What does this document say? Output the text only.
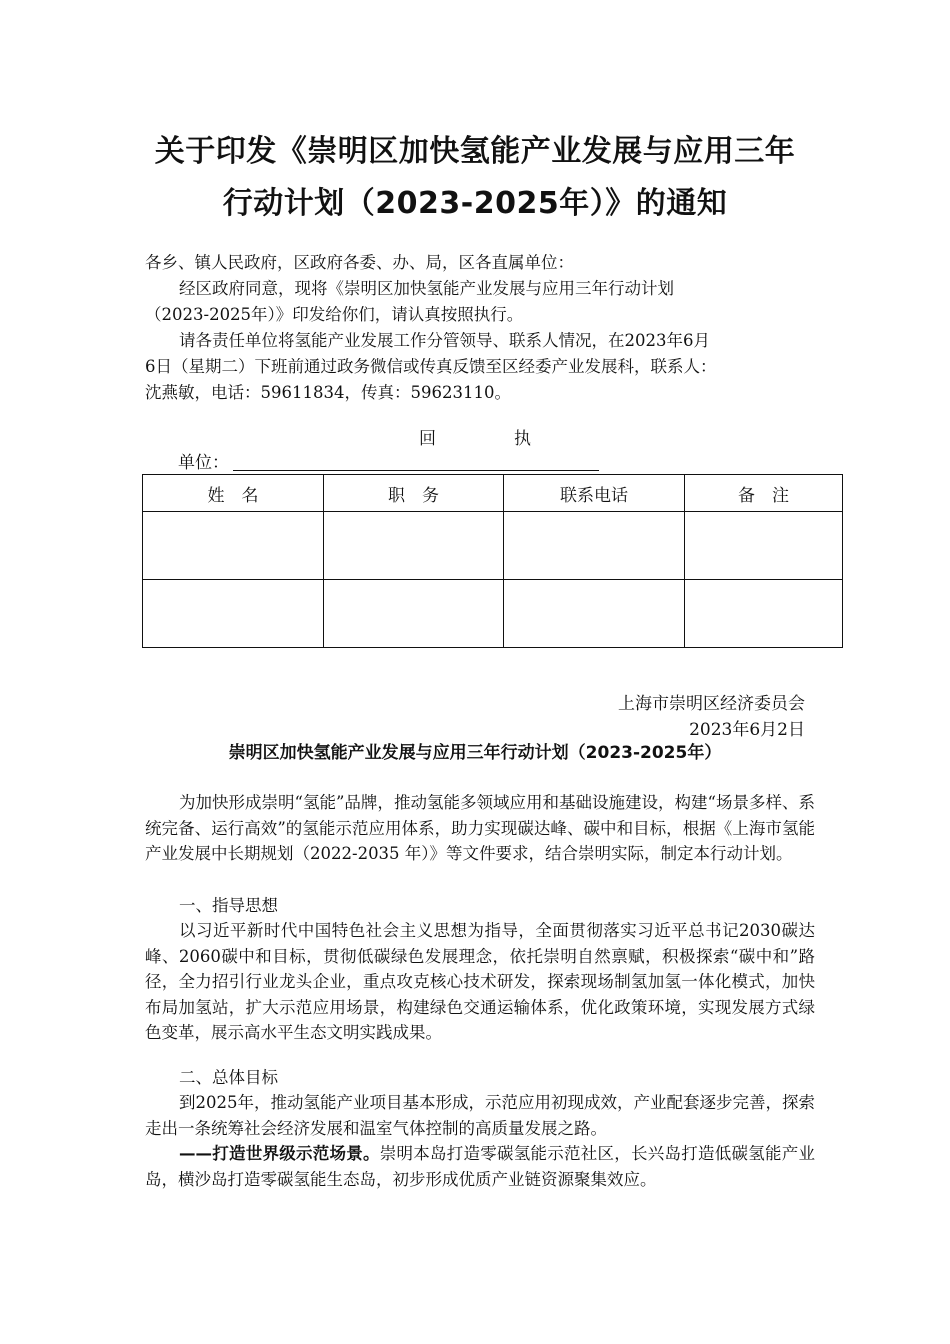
关于印发《崇明区加快氢能产业发展与应用三年
行动计划（2023-2025年）》的通知
各乡、镇人民政府，区政府各委、办、局，区各直属单位：
经区政府同意，现将《崇明区加快氢能产业发展与应用三年行动计划
（2023-2025年）》印发给你们，请认真按照执行。
请各责任单位将氢能产业发展工作分管领导、联系人情况，在2023年6月
6日（星期二）下班前通过政务微信或传真反馈至区经委产业发展科，联系人：
沈燕敏，电话：59611834，传真：59623110。
回执
单位：
姓　名	职　务	联系电话	备　注

上海市崇明区经济委员会
2023年6月2日
崇明区加快氢能产业发展与应用三年行动计划（2023-2025年）
为加快形成崇明“氢能”品牌，推动氢能多领域应用和基础设施建设，构建“场景多样、系统完备、运行高效”的氢能示范应用体系，助力实现碳达峰、碳中和目标，根据《上海市氢能产业发展中长期规划（2022-2035 年）》等文件要求，结合崇明实际，制定本行动计划。
一、指导思想
以习近平新时代中国特色社会主义思想为指导，全面贯彻落实习近平总书记2030碳达峰、2060碳中和目标，贯彻低碳绿色发展理念，依托崇明自然禀赋，积极探索“碳中和”路径，全力招引行业龙头企业，重点攻克核心技术研发，探索现场制氢加氢一体化模式，加快布局加氢站，扩大示范应用场景，构建绿色交通运输体系，优化政策环境，实现发展方式绿色变革，展示高水平生态文明实践成果。
二、总体目标
到2025年，推动氢能产业项目基本形成，示范应用初现成效，产业配套逐步完善，探索走出一条统筹社会经济发展和温室气体控制的高质量发展之路。
——打造世界级示范场景。崇明本岛打造零碳氢能示范社区，长兴岛打造低碳氢能产业岛，横沙岛打造零碳氢能生态岛，初步形成优质产业链资源聚集效应。
